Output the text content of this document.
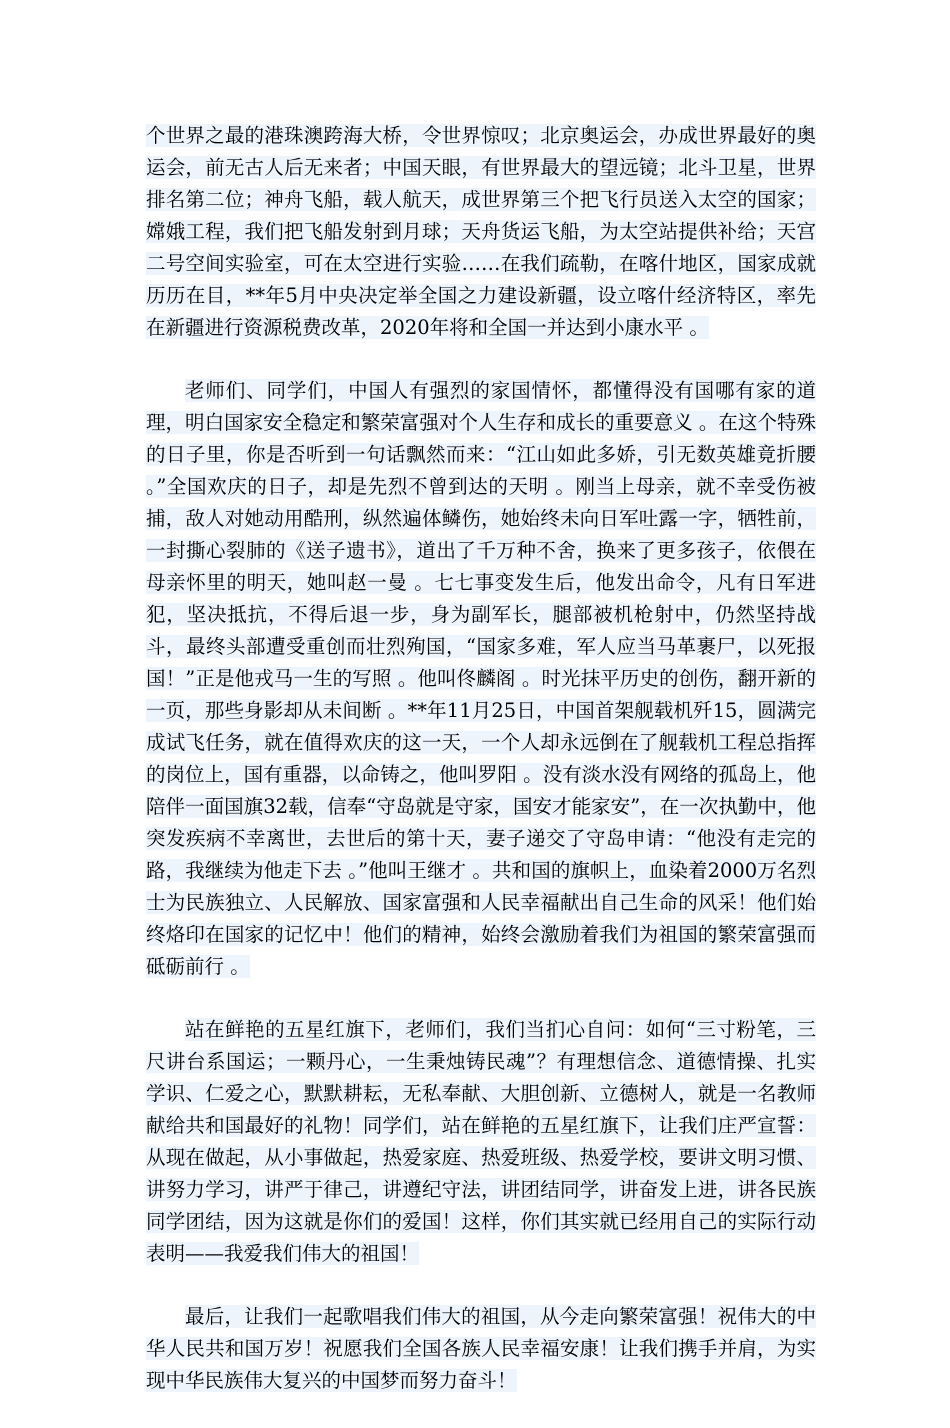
个世界之最的港珠澳跨海大桥，令世界惊叹；北京奥运会，办成世界最好的奥运会，前无古人后无来者；中国天眼，有世界最大的望远镜；北斗卫星，世界排名第二位；神舟飞船，载人航天，成世界第三个把飞行员送入太空的国家；嫦娥工程，我们把飞船发射到月球；天舟货运飞船，为太空站提供补给；天宫二号空间实验室，可在太空进行实验……在我们疏勒，在喀什地区，国家成就历历在目，**年5月中央决定举全国之力建设新疆，设立喀什经济特区，率先在新疆进行资源税费改革，2020年将和全国一并达到小康水平 。

老师们、同学们，中国人有强烈的家国情怀，都懂得没有国哪有家的道理，明白国家安全稳定和繁荣富强对个人生存和成长的重要意义 。在这个特殊的日子里，你是否听到一句话飘然而来：“江山如此多娇，引无数英雄竟折腰 。”全国欢庆的日子，却是先烈不曾到达的天明 。刚当上母亲，就不幸受伤被捕，敌人对她动用酷刑，纵然遍体鳞伤，她始终未向日军吐露一字，牺牲前，一封撕心裂肺的《送子遗书》，道出了千万种不舍，换来了更多孩子，依偎在母亲怀里的明天，她叫赵一曼 。七七事变发生后，他发出命令，凡有日军进犯，坚决抵抗，不得后退一步，身为副军长，腿部被机枪射中，仍然坚持战斗，最终头部遭受重创而壮烈殉国，“国家多难，军人应当马革裹尸，以死报国！”正是他戎马一生的写照 。他叫佟麟阁 。时光抹平历史的创伤，翻开新的一页，那些身影却从未间断 。**年11月25日，中国首架舰载机歼15，圆满完成试飞任务，就在值得欢庆的这一天，一个人却永远倒在了舰载机工程总指挥的岗位上，国有重器，以命铸之，他叫罗阳 。没有淡水没有网络的孤岛上，他陪伴一面国旗32载，信奉“守岛就是守家，国安才能家安”，在一次执勤中，他突发疾病不幸离世，去世后的第十天，妻子递交了守岛申请：“他没有走完的路，我继续为他走下去 。”他叫王继才 。共和国的旗帜上，血染着2000万名烈士为民族独立、人民解放、国家富强和人民幸福献出自己生命的风采！他们始终烙印在国家的记忆中！他们的精神，始终会激励着我们为祖国的繁荣富强而砥砺前行 。

站在鲜艳的五星红旗下，老师们，我们当扪心自问：如何“三寸粉笔，三尺讲台系国运；一颗丹心，一生秉烛铸民魂”？有理想信念、道德情操、扎实学识、仁爱之心，默默耕耘，无私奉献、大胆创新、立德树人，就是一名教师献给共和国最好的礼物！同学们，站在鲜艳的五星红旗下，让我们庄严宣誓：从现在做起，从小事做起，热爱家庭、热爱班级、热爱学校，要讲文明习惯、讲努力学习，讲严于律己，讲遵纪守法，讲团结同学，讲奋发上进，讲各民族同学团结，因为这就是你们的爱国！这样，你们其实就已经用自己的实际行动表明——我爱我们伟大的祖国！

最后，让我们一起歌唱我们伟大的祖国，从今走向繁荣富强！祝伟大的中华人民共和国万岁！祝愿我们全国各族人民幸福安康！让我们携手并肩，为实现中华民族伟大复兴的中国梦而努力奋斗！
